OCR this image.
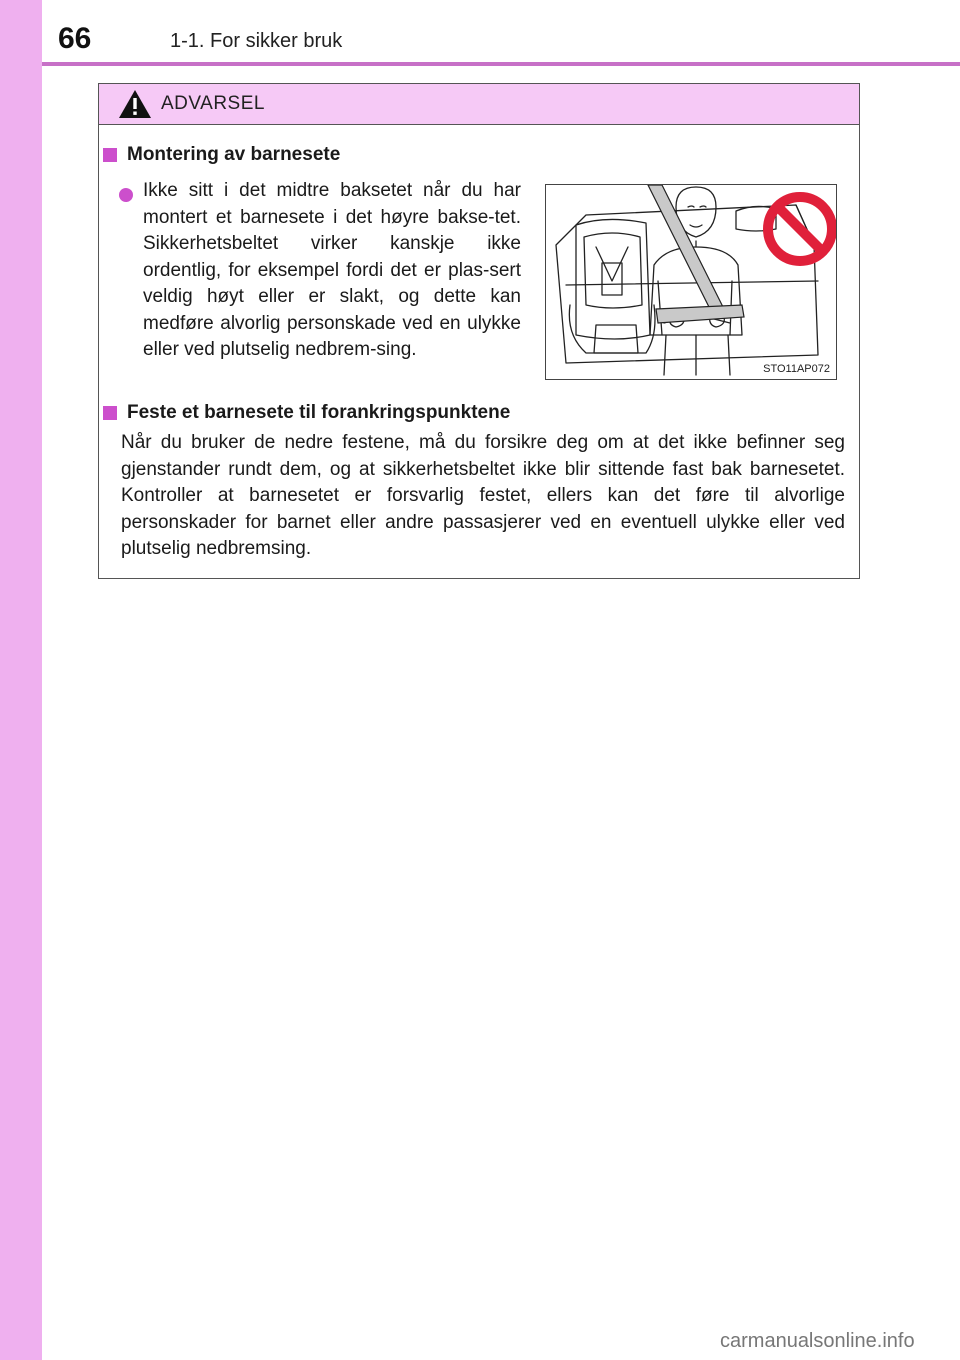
66	1-1. For sikker bruk
ADVARSEL
Montering av barnesete

Ikke sitt i det midtre baksetet når du har montert et barnesete i det høyre bakse-tet. Sikkerhetsbeltet virker kanskje ikke ordentlig, for eksempel fordi det er plas-sert veldig høyt eller er slakt, og dette kan medføre alvorlig personskade ved en ulykke eller ved plutselig nedbrem-sing.

STO11AP072
Feste et barnesete til forankringspunktene

Når du bruker de nedre festene, må du forsikre deg om at det ikke befinner seg gjenstander rundt dem, og at sikkerhetsbeltet ikke blir sittende fast bak barnesetet. Kontroller at barnesetet er forsvarlig festet, ellers kan det føre til alvorlige personskader for barnet eller andre passasjerer ved en eventuell ulykke eller ved plutselig nedbremsing.

carmanualsonline.info
